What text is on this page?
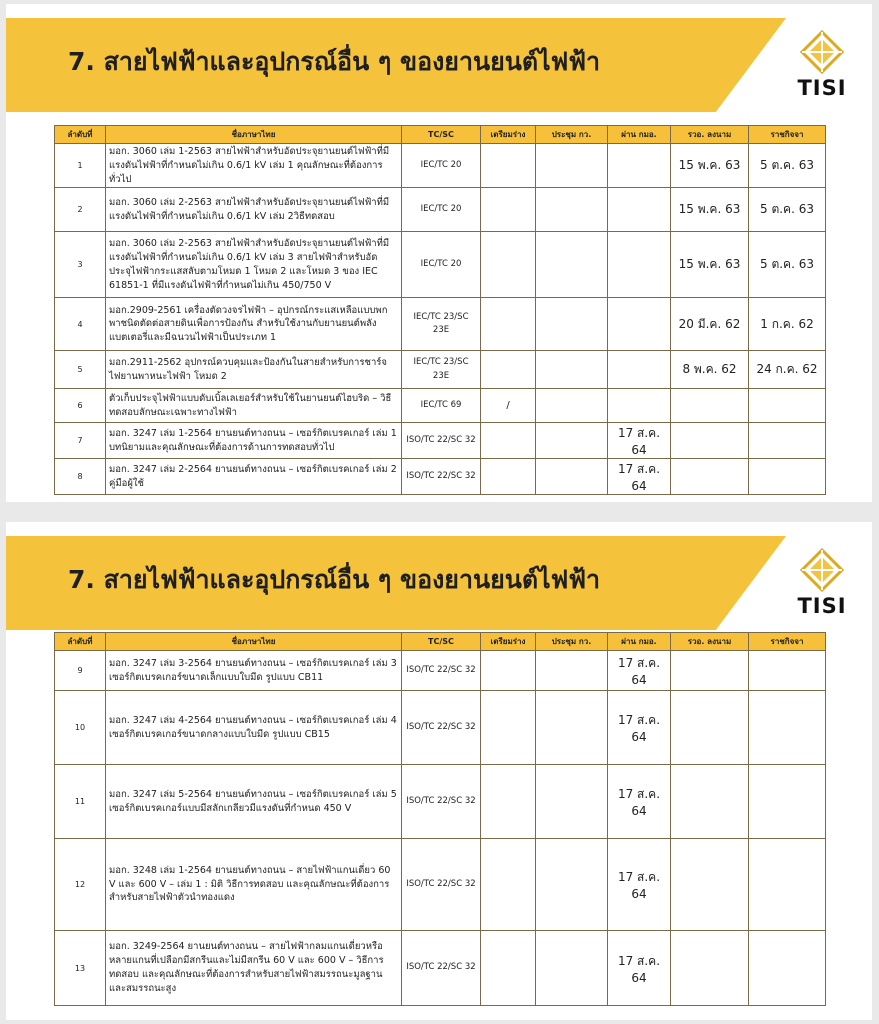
7. สายไฟฟ้าและอุปกรณ์อื่น ๆ ของยานยนต์ไฟฟ้า
TISI
ลำดับที่	ชื่อภาษาไทย	TC/SC	เตรียมร่าง	ประชุม กว.	ผ่าน กมอ.	รวอ. ลงนาม	ราชกิจจา
1	มอก. 3060 เล่ม 1-2563 สายไฟฟ้าสำหรับอัดประจุยานยนต์ไฟฟ้าที่มีแรงดันไฟฟ้าที่กำหนดไม่เกิน 0.6/1 kV เล่ม 1 คุณลักษณะที่ต้องการทั่วไป	IEC/TC 20				15 พ.ค. 63	5 ต.ค. 63
2	มอก. 3060 เล่ม 2-2563 สายไฟฟ้าสำหรับอัดประจุยานยนต์ไฟฟ้าที่มีแรงดันไฟฟ้าที่กำหนดไม่เกิน 0.6/1 kV เล่ม 2วิธีทดสอบ	IEC/TC 20				15 พ.ค. 63	5 ต.ค. 63
3	มอก. 3060 เล่ม 2-2563 สายไฟฟ้าสำหรับอัดประจุยานยนต์ไฟฟ้าที่มีแรงดันไฟฟ้าที่กำหนดไม่เกิน 0.6/1 kV เล่ม 3 สายไฟฟ้าสำหรับอัดประจุไฟฟ้ากระแสสลับตามโหมด 1 โหมด 2 และโหมด 3 ของ IEC 61851-1 ที่มีแรงดันไฟฟ้าที่กำหนดไม่เกิน 450/750 V	IEC/TC 20				15 พ.ค. 63	5 ต.ค. 63
4	มอก.2909-2561 เครื่องตัดวงจรไฟฟ้า – อุปกรณ์กระแสเหลือแบบพกพาชนิดตัดต่อสายดินเพื่อการป้องกัน สำหรับใช้งานกับยานยนต์พลังแบตเตอรี่และมีฉนวนไฟฟ้าเป็นประเภท 1	IEC/TC 23/SC 23E				20 มี.ค. 62	1 ก.ค. 62
5	มอก.2911-2562 อุปกรณ์ควบคุมและป้องกันในสายสำหรับการชาร์จไฟยานพาหนะไฟฟ้า โหมด 2	IEC/TC 23/SC 23E				8 พ.ค. 62	24 ก.ค. 62
6	ตัวเก็บประจุไฟฟ้าแบบดับเบิ้ลเลเยอร์สำหรับใช้ในยานยนต์ไฮบริด – วิธีทดสอบลักษณะเฉพาะทางไฟฟ้า	IEC/TC 69	/				
7	มอก. 3247 เล่ม 1-2564 ยานยนต์ทางถนน – เซอร์กิตเบรคเกอร์ เล่ม 1 บทนิยามและคุณลักษณะที่ต้องการด้านการทดสอบทั่วไป	ISO/TC 22/SC 32			17 ส.ค. 64		
8	มอก. 3247 เล่ม 2-2564 ยานยนต์ทางถนน – เซอร์กิตเบรคเกอร์ เล่ม 2 คู่มือผู้ใช้	ISO/TC 22/SC 32			17 ส.ค. 64		
7. สายไฟฟ้าและอุปกรณ์อื่น ๆ ของยานยนต์ไฟฟ้า
TISI
ลำดับที่	ชื่อภาษาไทย	TC/SC	เตรียมร่าง	ประชุม กว.	ผ่าน กมอ.	รวอ. ลงนาม	ราชกิจจา
9	มอก. 3247 เล่ม 3-2564 ยานยนต์ทางถนน – เซอร์กิตเบรคเกอร์ เล่ม 3 เซอร์กิตเบรคเกอร์ขนาดเล็กแบบใบมีด รูปแบบ CB11	ISO/TC 22/SC 32			17 ส.ค. 64		
10	มอก. 3247 เล่ม 4-2564 ยานยนต์ทางถนน – เซอร์กิตเบรคเกอร์ เล่ม 4 เซอร์กิตเบรคเกอร์ขนาดกลางแบบใบมีด รูปแบบ CB15	ISO/TC 22/SC 32			17 ส.ค. 64		
11	มอก. 3247 เล่ม 5-2564 ยานยนต์ทางถนน – เซอร์กิตเบรคเกอร์ เล่ม 5 เซอร์กิตเบรคเกอร์แบบมีสลักเกลียวมีแรงดันที่กำหนด 450 V	ISO/TC 22/SC 32			17 ส.ค. 64		
12	มอก. 3248 เล่ม 1-2564 ยานยนต์ทางถนน – สายไฟฟ้าแกนเดี่ยว 60 V และ 600 V – เล่ม 1 : มิติ วิธีการทดสอบ และคุณลักษณะที่ต้องการสำหรับสายไฟฟ้าตัวนำทองแดง	ISO/TC 22/SC 32			17 ส.ค. 64		
13	มอก. 3249-2564 ยานยนต์ทางถนน – สายไฟฟ้ากลมแกนเดี่ยวหรือหลายแกนที่เปลือกมีสกรีนและไม่มีสกรีน 60 V และ 600 V – วิธีการทดสอบ และคุณลักษณะที่ต้องการสำหรับสายไฟฟ้าสมรรถนะมูลฐานและสมรรถนะสูง	ISO/TC 22/SC 32			17 ส.ค. 64		
